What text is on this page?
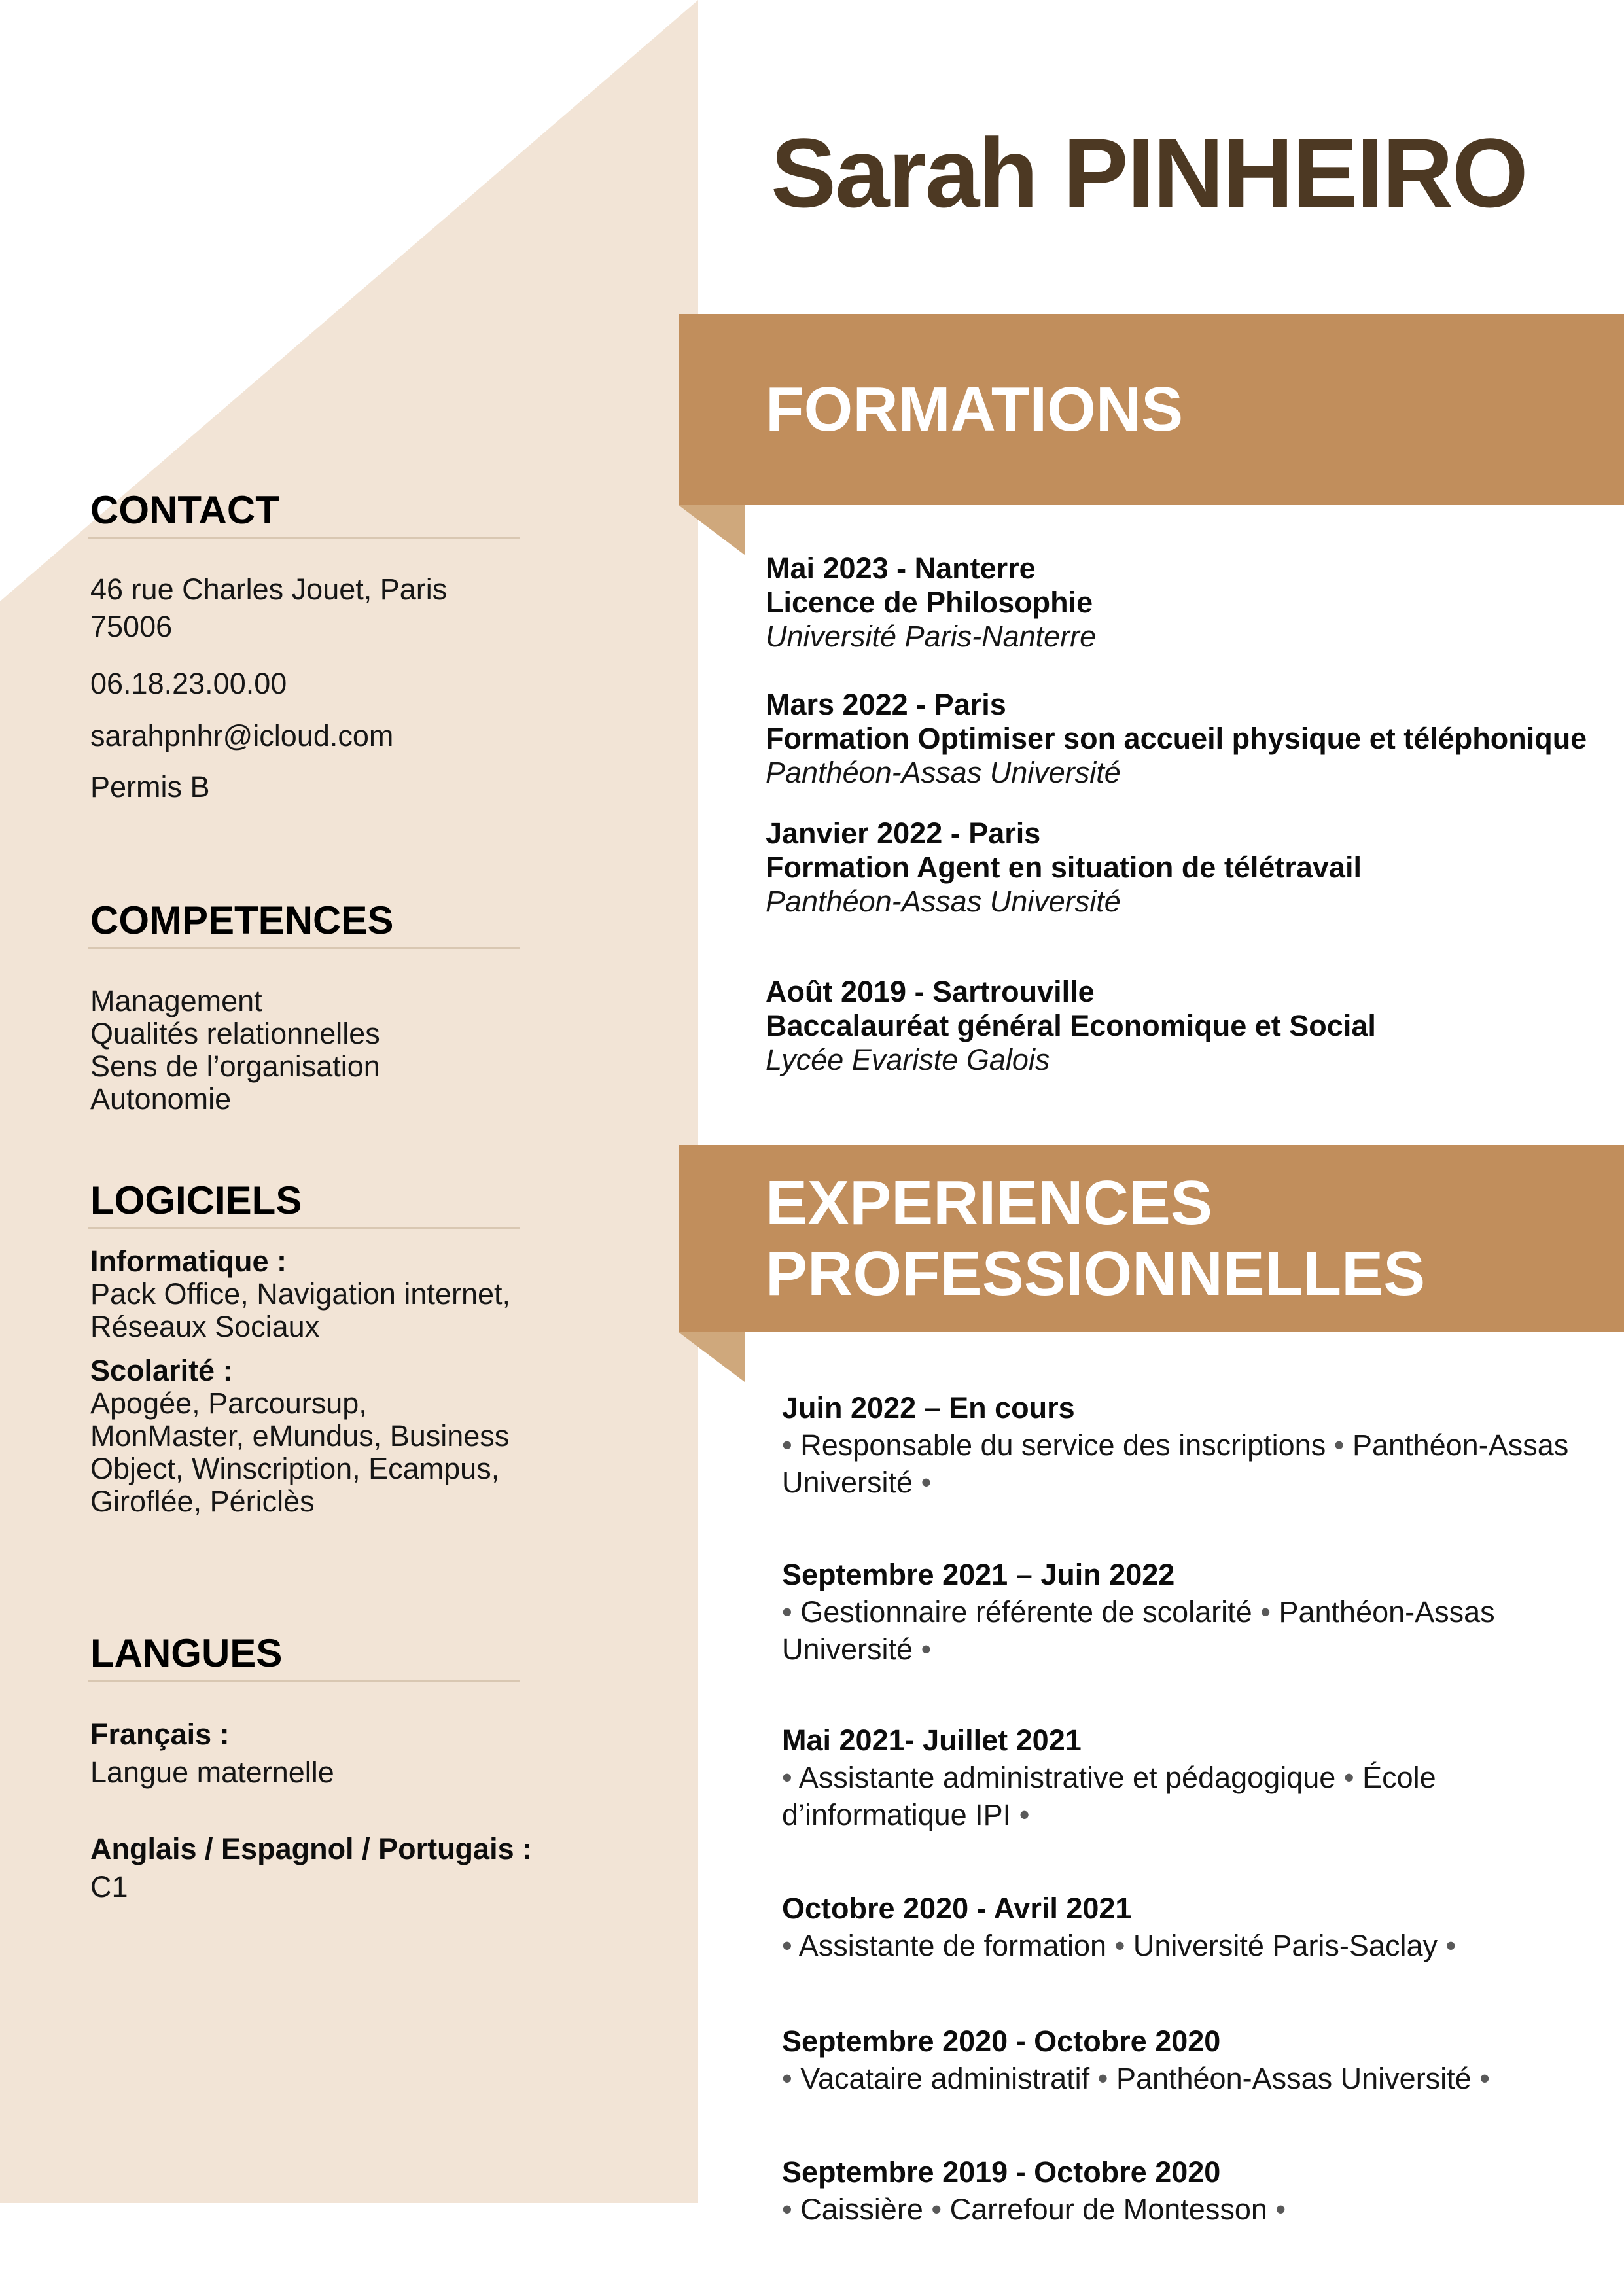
Sarah PINHEIRO
FORMATIONS
Mai 2023 - Nanterre
Licence de Philosophie
Université Paris-Nanterre
Mars 2022 - Paris
Formation Optimiser son accueil physique et téléphonique
Panthéon-Assas Université
Janvier 2022 - Paris
Formation Agent en situation de télétravail
Panthéon-Assas Université
Août 2019 - Sartrouville
Baccalauréat général Economique et Social
Lycée Evariste Galois
EXPERIENCES
PROFESSIONNELLES
Juin 2022 – En cours
• Responsable du service des inscriptions • Panthéon-Assas Université •
Septembre 2021 – Juin 2022
• Gestionnaire référente de scolarité • Panthéon-Assas Université •
Mai 2021- Juillet 2021
• Assistante administrative et pédagogique • École d’informatique IPI •
Octobre 2020 - Avril 2021
• Assistante de formation • Université Paris-Saclay •
Septembre 2020 - Octobre 2020
• Vacataire administratif • Panthéon-Assas Université •
Septembre 2019 - Octobre 2020
• Caissière • Carrefour de Montesson •
CONTACT
46 rue Charles Jouet, Paris
75006
06.18.23.00.00
sarahpnhr@icloud.com
Permis B
COMPETENCES
Management
Qualités relationnelles
Sens de l’organisation
Autonomie
LOGICIELS
Informatique :
Pack Office, Navigation internet,
Réseaux Sociaux
Scolarité :
Apogée, Parcoursup,
MonMaster, eMundus, Business
Object, Winscription, Ecampus,
Giroflée, Périclès
LANGUES
Français :
Langue maternelle
Anglais / Espagnol / Portugais :
C1
